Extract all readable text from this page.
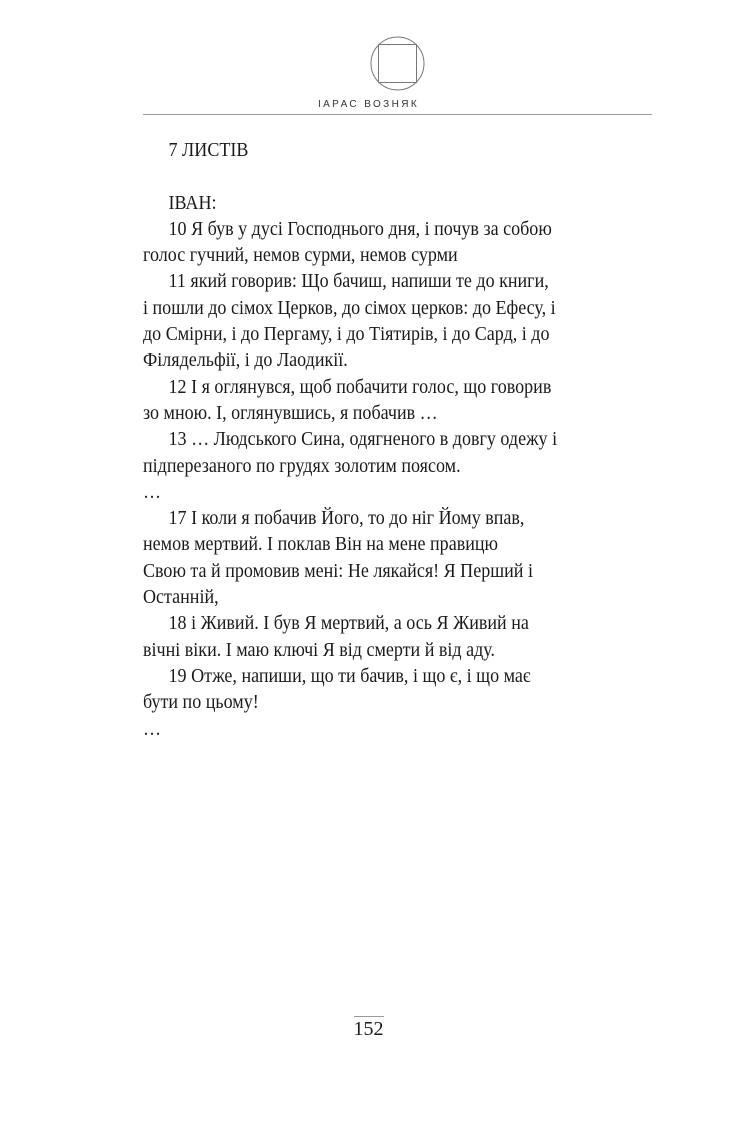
ІАРАС ВОЗНЯК
7 ЛИСТІВ
ІВАН:
10 Я був у дусі Господнього дня, і почув за собою
голос гучний, немов сурми, немов сурми
11 який говорив: Що бачиш, напиши те до книги,
і пошли до сімох Церков, до сімох церков: до Ефесу, і
до Смірни, і до Пергаму, і до Тіятирів, і до Сард, і до
Філядельфії, і до Лаодикії.
12 І я оглянувся, щоб побачити голос, що говорив
зо мною. І, оглянувшись, я побачив …
13 … Людського Сина, одягненого в довгу одежу і
підперезаного по грудях золотим поясом.
…
17 І коли я побачив Його, то до ніг Йому впав,
немов мертвий. І поклав Він на мене правицю
Свою та й промовив мені: Не лякайся! Я Перший і
Останній,
18 і Живий. І був Я мертвий, а ось Я Живий на
вічні віки. І маю ключі Я від смерти й від аду.
19 Отже, напиши, що ти бачив, і що є, і що має
бути по цьому!
…
152
